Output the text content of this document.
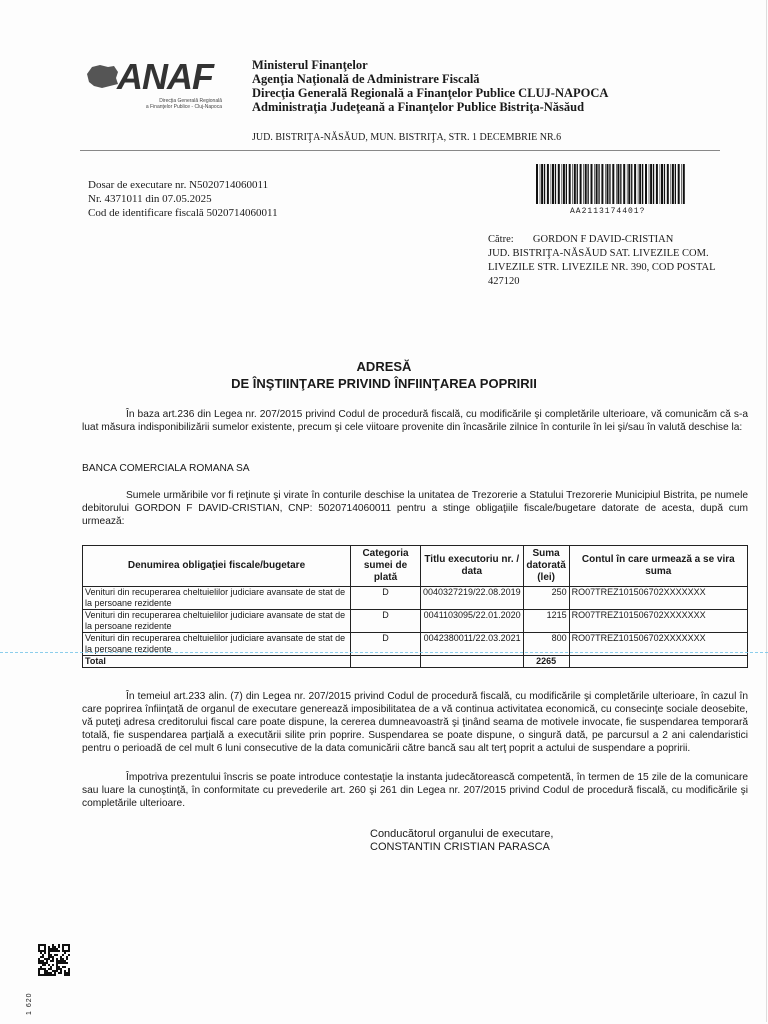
ANAF
Direcţia Generală Regională
a Finanţelor Publice - Cluj-Napoca
Ministerul Finanţelor
Agenţia Naţională de Administrare Fiscală
Direcţia Generală Regională a Finanţelor Publice CLUJ-NAPOCA
Administraţia Judeţeană a Finanţelor Publice Bistriţa-Năsăud
JUD. BISTRIŢA-NĂSĂUD, MUN. BISTRIŢA, STR. 1 DECEMBRIE NR.6
Dosar de executare nr. N5020714060011
Nr. 4371011 din 07.05.2025
Cod de identificare fiscală 5020714060011	AA2113174401?
Către: GORDON F DAVID-CRISTIAN
JUD. BISTRIŢA-NĂSĂUD SAT. LIVEZILE COM. LIVEZILE STR. LIVEZILE NR. 390, COD POSTAL 427120
ADRESĂ
DE ÎNŞTIINŢARE PRIVIND ÎNFIINŢAREA POPRIRII
În baza art.236 din Legea nr. 207/2015 privind Codul de procedură fiscală, cu modificările şi completările ulterioare, vă comunicăm că s-a luat măsura indisponibilizării sumelor existente, precum şi cele viitoare provenite din încasările zilnice în conturile în lei şi/sau în valută deschise la:
BANCA COMERCIALA ROMANA SA
Sumele urmăribile vor fi reţinute şi virate în conturile deschise la unitatea de Trezorerie a Statului Trezorerie Municipiul Bistrita, pe numele debitorului GORDON F DAVID-CRISTIAN, CNP: 5020714060011 pentru a stinge obligaţiile fiscale/bugetare datorate de acesta, după cum urmează:
Denumirea obligaţiei fiscale/bugetare	Categoria sumei de plată	Titlu executoriu nr. / data	Suma datorată (lei)	Contul în care urmează a se vira suma
Venituri din recuperarea cheltuielilor judiciare avansate de stat de la persoane rezidente	D	0040327219/22.08.2019	250	RO07TREZ101506702XXXXXXX
Venituri din recuperarea cheltuielilor judiciare avansate de stat de la persoane rezidente	D	0041103095/22.01.2020	1215	RO07TREZ101506702XXXXXXX
Venituri din recuperarea cheltuielilor judiciare avansate de stat de la persoane rezidente	D	0042380011/22.03.2021	800	RO07TREZ101506702XXXXXXX
Total			2265	
În temeiul art.233 alin. (7) din Legea nr. 207/2015 privind Codul de procedură fiscală, cu modificările şi completările ulterioare, în cazul în care poprirea înfiinţată de organul de executare generează imposibilitatea de a vă continua activitatea economică, cu consecinţe sociale deosebite, vă puteţi adresa creditorului fiscal care poate dispune, la cererea dumneavoastră şi ţinând seama de motivele invocate, fie suspendarea temporară totală, fie suspendarea parţială a executării silite prin poprire. Suspendarea se poate dispune, o singură dată, pe parcursul a 2 ani calendaristici pentru o perioadă de cel mult 6 luni consecutive de la data comunicării către bancă sau alt terţ poprit a actului de suspendare a popririi.
Împotriva prezentului înscris se poate introduce contestaţie la instanta judecătorească competentă, în termen de 15 zile de la comunicare sau luare la cunoştinţă, în conformitate cu prevederile art. 260 şi 261 din Legea nr. 207/2015 privind Codul de procedură fiscală, cu modificările şi completările ulterioare.
Conducătorul organului de executare,
CONSTANTIN CRISTIAN PARASCA
1 620
